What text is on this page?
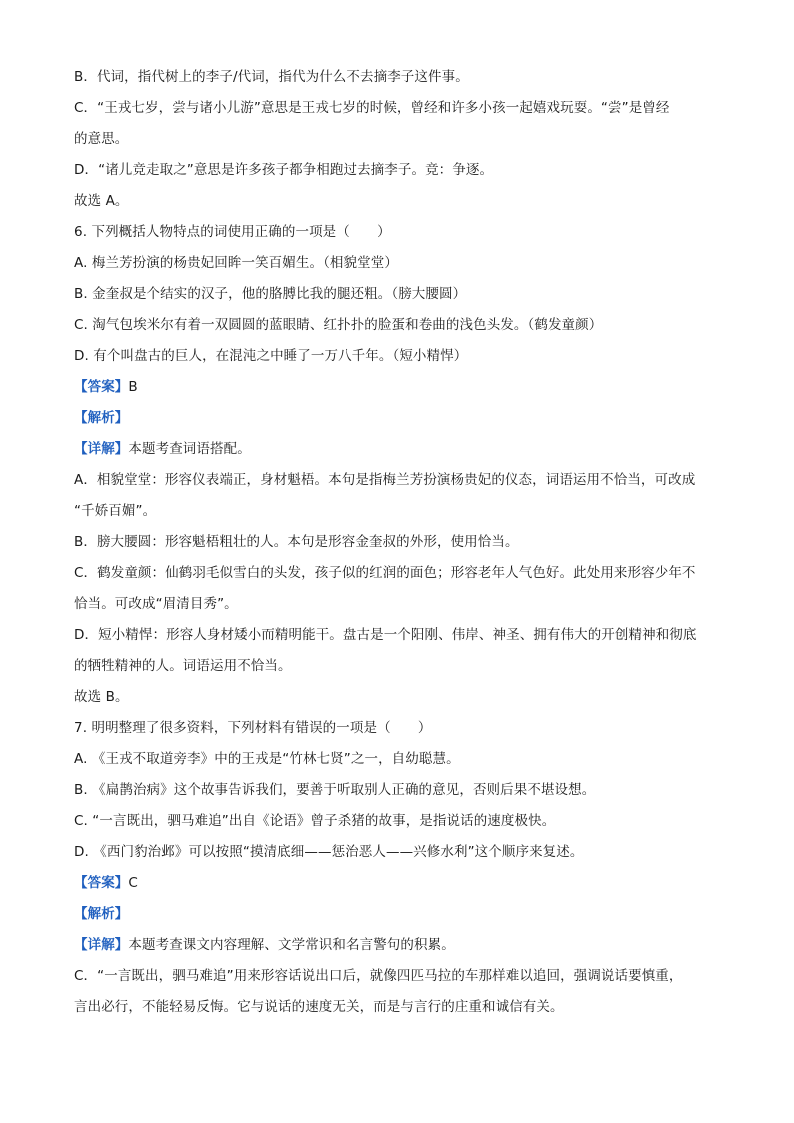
B．代词，指代树上的李子/代词，指代为什么不去摘李子这件事。
C．“王戎七岁，尝与诸小儿游”意思是王戎七岁的时候，曾经和许多小孩一起嬉戏玩耍。“尝”是曾经
的意思。
D．“诸儿竞走取之”意思是许多孩子都争相跑过去摘李子。竞：争逐。
故选 A。
6. 下列概括人物特点的词使用正确的一项是（　　）
A. 梅兰芳扮演的杨贵妃回眸一笑百媚生。（相貌堂堂）
B. 金奎叔是个结实的汉子，他的胳膊比我的腿还粗。（膀大腰圆）
C. 淘气包埃米尔有着一双圆圆的蓝眼睛、红扑扑的脸蛋和卷曲的浅色头发。（鹤发童颜）
D. 有个叫盘古的巨人，在混沌之中睡了一万八千年。（短小精悍）
【答案】B
【解析】
【详解】本题考查词语搭配。
A．相貌堂堂：形容仪表端正，身材魁梧。本句是指梅兰芳扮演杨贵妃的仪态，词语运用不恰当，可改成
“千娇百媚”。
B．膀大腰圆：形容魁梧粗壮的人。本句是形容金奎叔的外形，使用恰当。
C．鹤发童颜：仙鹤羽毛似雪白的头发，孩子似的红润的面色；形容老年人气色好。此处用来形容少年不
恰当。可改成“眉清目秀”。
D．短小精悍：形容人身材矮小而精明能干。盘古是一个阳刚、伟岸、神圣、拥有伟大的开创精神和彻底
的牺牲精神的人。词语运用不恰当。
故选 B。
7. 明明整理了很多资料，下列材料有错误的一项是（　　）
A. 《王戎不取道旁李》中的王戎是“竹林七贤”之一，自幼聪慧。
B. 《扁鹊治病》这个故事告诉我们，要善于听取别人正确的意见，否则后果不堪设想。
C. “一言既出，驷马难追”出自《论语》曾子杀猪的故事，是指说话的速度极快。
D. 《西门豹治邺》可以按照“摸清底细——惩治恶人——兴修水利”这个顺序来复述。
【答案】C
【解析】
【详解】本题考查课文内容理解、文学常识和名言警句的积累。
C．“一言既出，驷马难追”用来形容话说出口后，就像四匹马拉的车那样难以追回，强调说话要慎重，
言出必行，不能轻易反悔。它与说话的速度无关，而是与言行的庄重和诚信有关。
